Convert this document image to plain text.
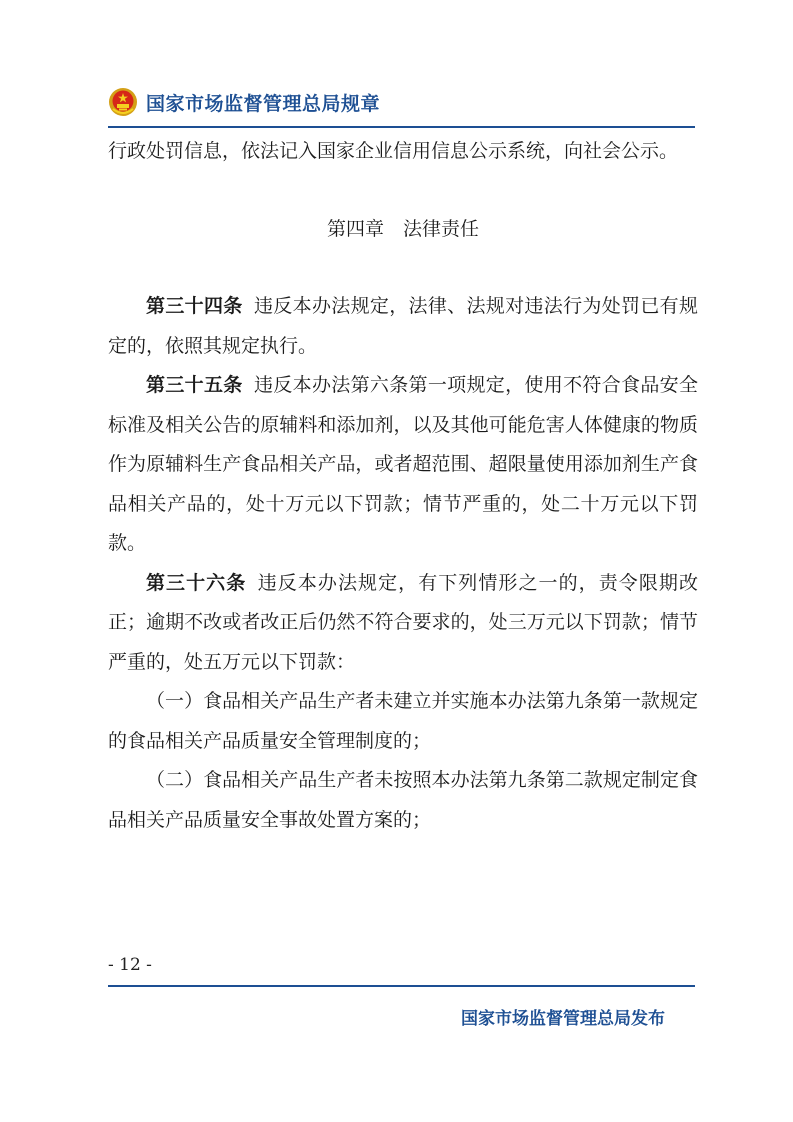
国家市场监督管理总局规章

行政处罚信息，依法记入国家企业信用信息公示系统，向社会公示。

第四章　法律责任

第三十四条 违反本办法规定，法律、法规对违法行为处罚已有规定的，依照其规定执行。

第三十五条 违反本办法第六条第一项规定，使用不符合食品安全标准及相关公告的原辅料和添加剂，以及其他可能危害人体健康的物质作为原辅料生产食品相关产品，或者超范围、超限量使用添加剂生产食品相关产品的，处十万元以下罚款；情节严重的，处二十万元以下罚款。

第三十六条 违反本办法规定，有下列情形之一的，责令限期改正；逾期不改或者改正后仍然不符合要求的，处三万元以下罚款；情节严重的，处五万元以下罚款：

（一）食品相关产品生产者未建立并实施本办法第九条第一款规定的食品相关产品质量安全管理制度的；

（二）食品相关产品生产者未按照本办法第九条第二款规定制定食品相关产品质量安全事故处置方案的；

- 12 -
国家市场监督管理总局发布
